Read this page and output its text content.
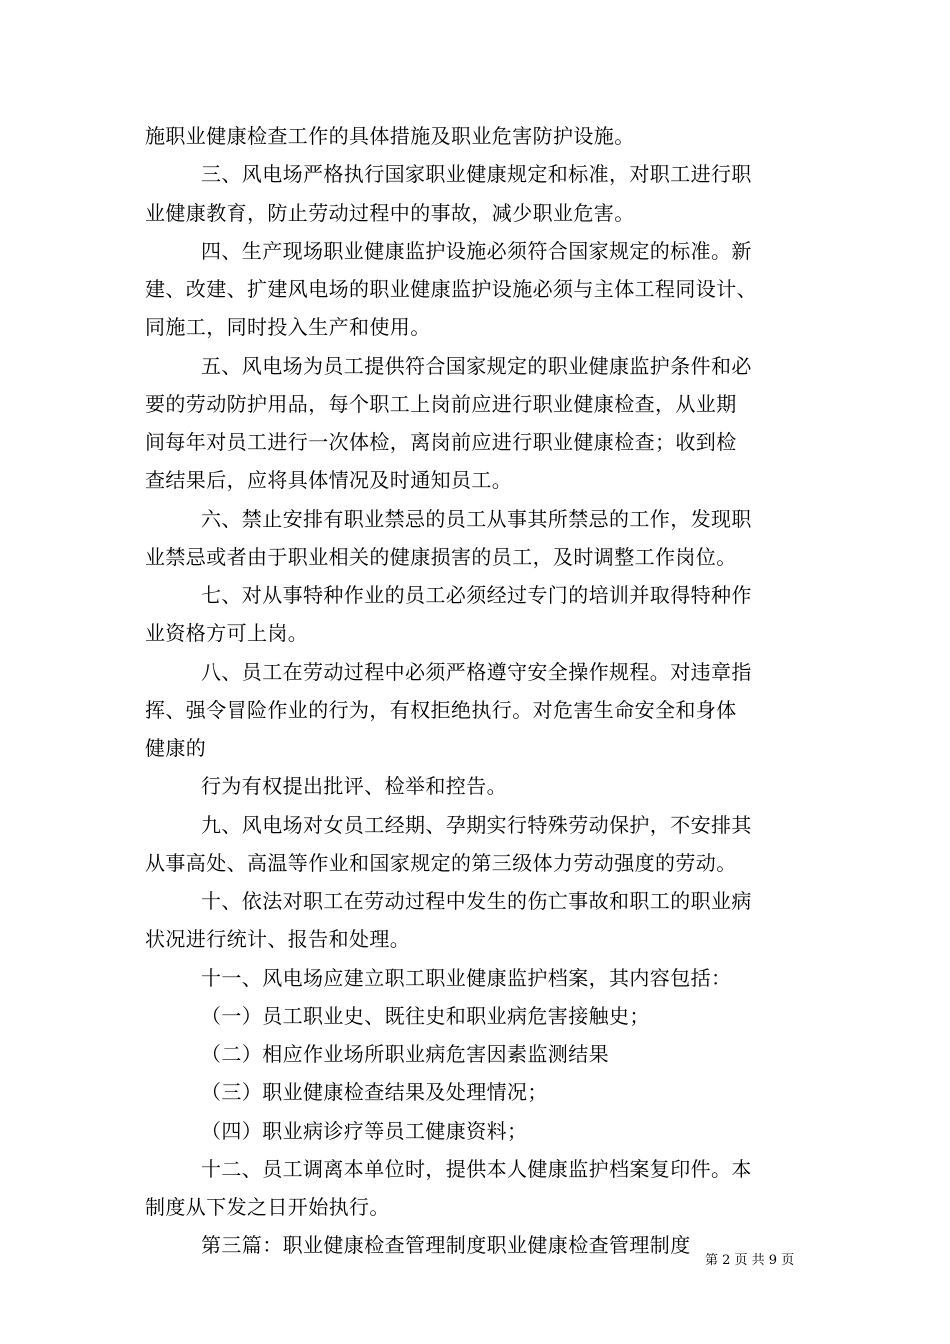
施职业健康检查工作的具体措施及职业危害防护设施。
三、风电场严格执行国家职业健康规定和标准，对职工进行职
业健康教育，防止劳动过程中的事故，减少职业危害。
四、生产现场职业健康监护设施必须符合国家规定的标准。新
建、改建、扩建风电场的职业健康监护设施必须与主体工程同设计、
同施工，同时投入生产和使用。
五、风电场为员工提供符合国家规定的职业健康监护条件和必
要的劳动防护用品，每个职工上岗前应进行职业健康检查，从业期
间每年对员工进行一次体检，离岗前应进行职业健康检查；收到检
查结果后，应将具体情况及时通知员工。
六、禁止安排有职业禁忌的员工从事其所禁忌的工作，发现职
业禁忌或者由于职业相关的健康损害的员工，及时调整工作岗位。
七、对从事特种作业的员工必须经过专门的培训并取得特种作
业资格方可上岗。
八、员工在劳动过程中必须严格遵守安全操作规程。对违章指
挥、强令冒险作业的行为，有权拒绝执行。对危害生命安全和身体
健康的
行为有权提出批评、检举和控告。
九、风电场对女员工经期、孕期实行特殊劳动保护，不安排其
从事高处、高温等作业和国家规定的第三级体力劳动强度的劳动。
十、依法对职工在劳动过程中发生的伤亡事故和职工的职业病
状况进行统计、报告和处理。
十一、风电场应建立职工职业健康监护档案，其内容包括：
（一）员工职业史、既往史和职业病危害接触史；
（二）相应作业场所职业病危害因素监测结果
（三）职业健康检查结果及处理情况；
（四）职业病诊疗等员工健康资料；
十二、员工调离本单位时，提供本人健康监护档案复印件。本
制度从下发之日开始执行。
第三篇：职业健康检查管理制度职业健康检查管理制度
第 2 页 共 9 页
